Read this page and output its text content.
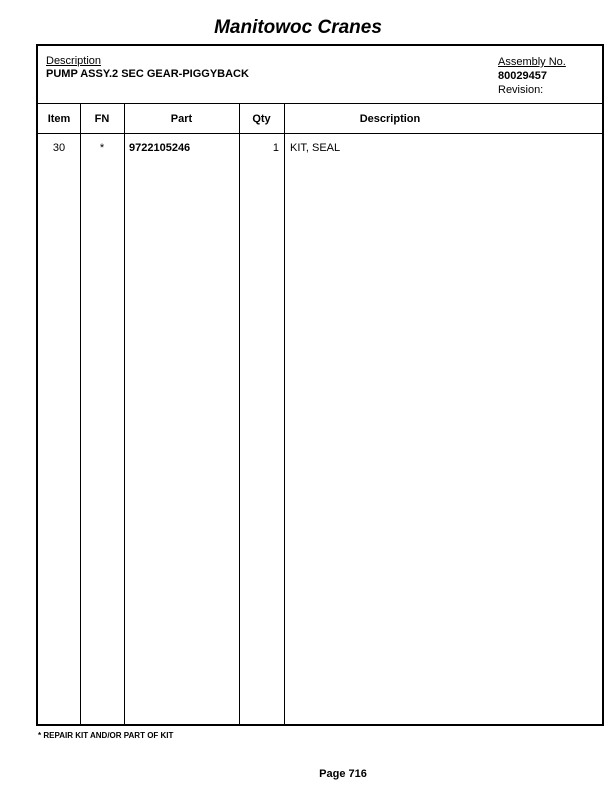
Manitowoc Cranes
Description
PUMP ASSY.2 SEC GEAR-PIGGYBACK
Assembly No.
80029457
Revision:
Item	FN	Part	Qty	Description
30	*	9722105246	1 KIT, SEAL
* REPAIR KIT AND/OR PART OF KIT
Page 716
